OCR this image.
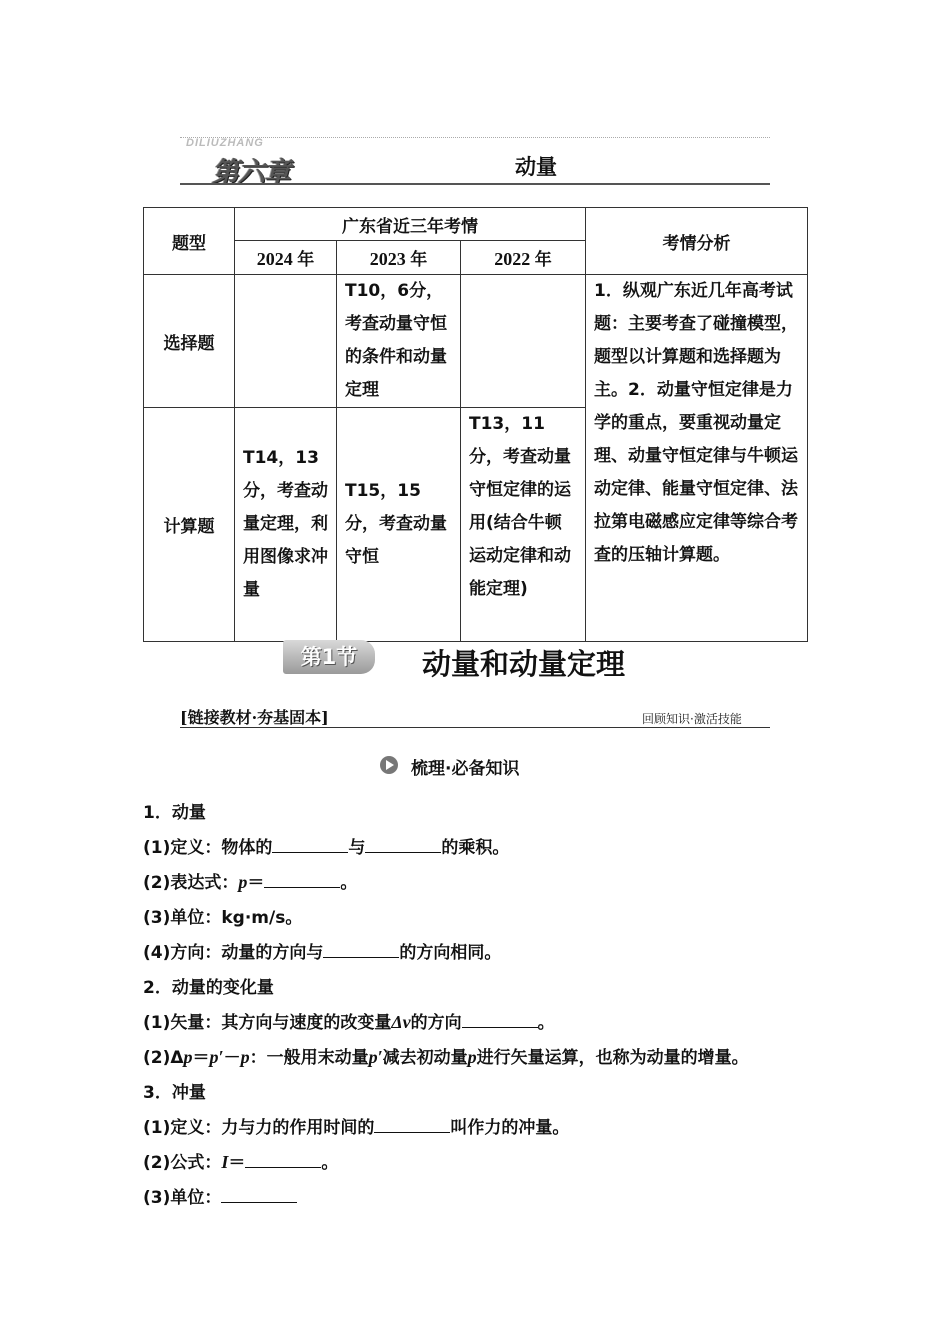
DILIUZHANG
第六章	动量
题型	广东省近三年考情			考情分析
	2024 年	2023 年	2022 年	
选择题		T10，6分，考查动量守恒的条件和动量定理		1．纵观广东近几年高考试题：主要考查了碰撞模型，题型以计算题和选择题为主。2．动量守恒定律是力学的重点，要重视动量定理、动量守恒定律与牛顿运动定律、能量守恒定律、法拉第电磁感应定律等综合考查的压轴计算题。
计算题	T14，13分，考查动量定理，利用图像求冲量	T15，15分，考查动量守恒	T13，11分，考查动量守恒定律的运用(结合牛顿运动定律和动能定理)	
第1节	动量和动量定理
[链接教材·夯基固本]	回顾知识·激活技能
梳理·必备知识
1．动量
(1)定义：物体的	与	的乘积。
(2)表达式：p＝	。
(3)单位：kg·m/s。
(4)方向：动量的方向与	的方向相同。
2．动量的变化量
(1)矢量：其方向与速度的改变量Δv的方向	。
(2)Δp＝p′－p：一般用末动量p′减去初动量p进行矢量运算，也称为动量的增量。
3．冲量
(1)定义：力与力的作用时间的	叫作力的冲量。
(2)公式：I＝	。
(3)单位：
